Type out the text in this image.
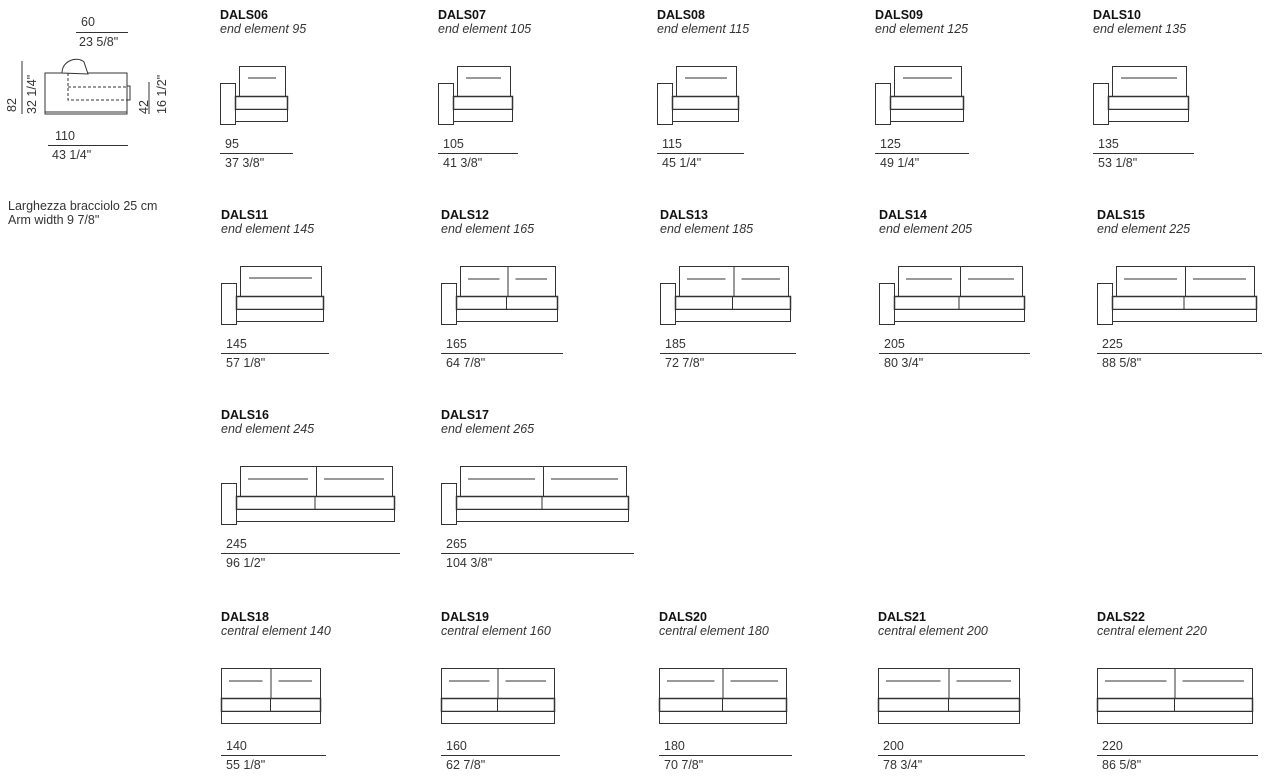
60
23 5/8"
82 32 1/4"	42 16 1/2"
110
43 1/4"
Larghezza bracciolo 25 cm
Arm width 9 7/8"
DALS06
end element 95
95
37 3/8"
DALS07
end element 105
105
41 3/8"
DALS08
end element 115
115
45 1/4"
DALS09
end element 125
125
49 1/4"
DALS10
end element 135
135
53 1/8"
DALS11
end element 145
145
57 1/8"
DALS12
end element 165
165
64 7/8"
DALS13
end element 185
185
72 7/8"
DALS14
end element 205
205
80 3/4"
DALS15
end element 225
225
88 5/8"
DALS16
end element 245
245
96 1/2"
DALS17
end element 265
265
104 3/8"
DALS18
central element 140
140
55 1/8"
DALS19
central element 160
160
62 7/8"
DALS20
central element 180
180
70 7/8"
DALS21
central element 200
200
78 3/4"
DALS22
central element 220
220
86 5/8"
